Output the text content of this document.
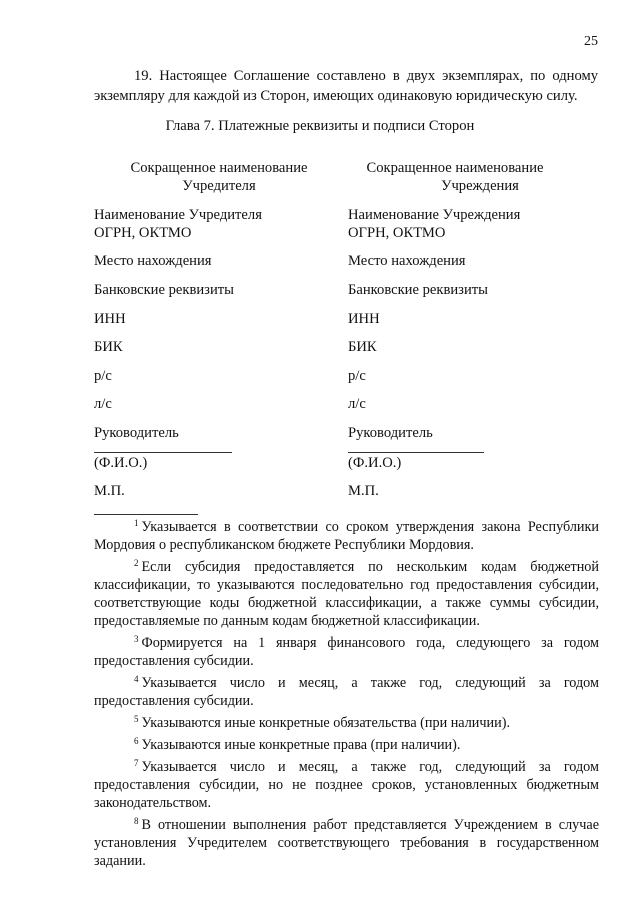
25

19. Настоящее Соглашение составлено в двух экземплярах, по одному экземпляру для каждой из Сторон, имеющих одинаковую юридическую силу.

Глава 7. Платежные реквизиты и подписи Сторон
Сокращенное наименование
Учредителя
Наименование Учредителя
ОГРН, ОКТМО
Место нахождения
Банковские реквизиты
ИНН
БИК
р/с
л/с
Руководитель
(Ф.И.О.)
М.П.
Сокращенное наименование
Учреждения
Наименование Учреждения
ОГРН, ОКТМО
Место нахождения
Банковские реквизиты
ИНН
БИК
р/с
л/с
Руководитель
(Ф.И.О.)
М.П.

$^1$ Указывается в соответствии со сроком утверждения закона Республики Мордовия о республиканском бюджете Республики Мордовия.

$^2$ Если субсидия предоставляется по нескольким кодам бюджетной классификации, то указываются последовательно год предоставления субсидии, соответствующие коды бюджетной классификации, а также суммы субсидии, предоставляемые по данным кодам бюджетной классификации.

$^3$ Формируется на 1 января финансового года, следующего за годом предоставления субсидии.

$^4$ Указывается число и месяц, а также год, следующий за годом предоставления субсидии.

$^5$ Указываются иные конкретные обязательства (при наличии).

$^6$ Указываются иные конкретные права (при наличии).

$^7$ Указывается число и месяц, а также год, следующий за годом предоставления субсидии, но не позднее сроков, установленных бюджетным законодательством.

$^8$ В отношении выполнения работ представляется Учреждением в случае установления Учредителем соответствующего требования в государственном задании.
